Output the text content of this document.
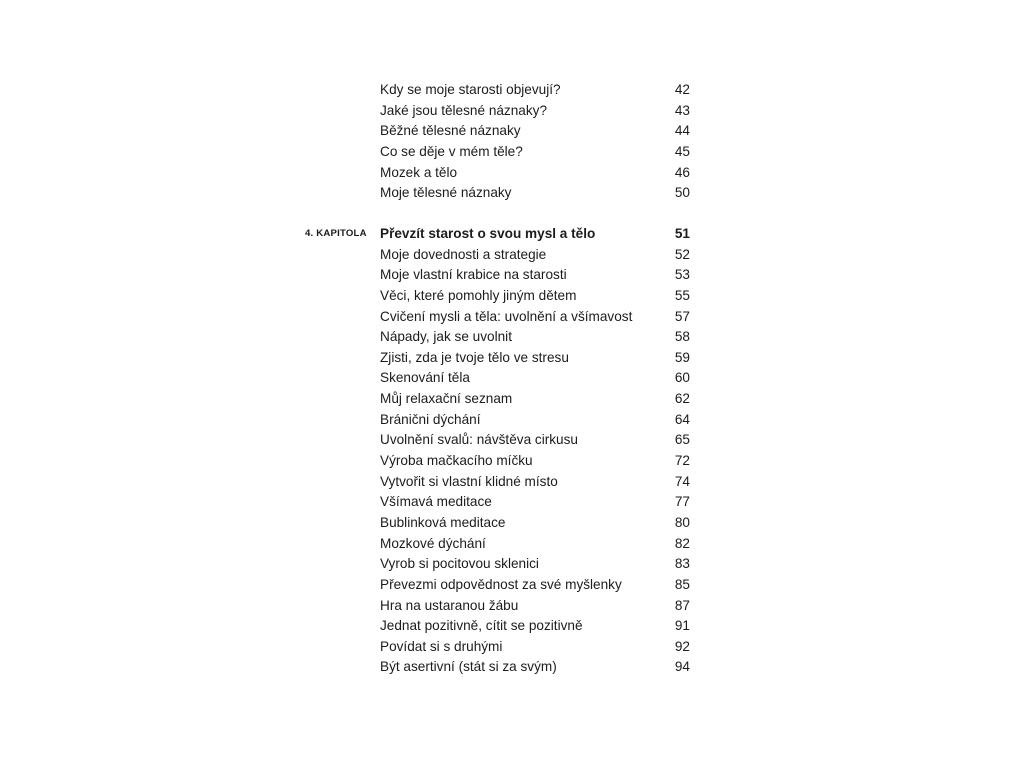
Kdy se moje starosti objevují?	42
Jaké jsou tělesné náznaky?	43
Běžné tělesné náznaky	44
Co se děje v mém těle?	45
Mozek a tělo	46
Moje tělesné náznaky	50
4. KAPITOLA Převzít starost o svou mysl a tělo	51
Moje dovednosti a strategie	52
Moje vlastní krabice na starosti	53
Věci, které pomohly jiným dětem	55
Cvičení mysli a těla: uvolnění a všímavost	57
Nápady, jak se uvolnit	58
Zjisti, zda je tvoje tělo ve stresu	59
Skenování těla	60
Můj relaxační seznam	62
Bránični dýchání	64
Uvolnění svalů: návštěva cirkusu	65
Výroba mačkacího míčku	72
Vytvořit si vlastní klidné místo	74
Všímavá meditace	77
Bublinková meditace	80
Mozkové dýchání	82
Vyrob si pocitovou sklenici	83
Převezmi odpovědnost za své myšlenky	85
Hra na ustaranou žábu	87
Jednat pozitivně, cítit se pozitivně	91
Povídat si s druhými	92
Být asertivní (stát si za svým)	94
